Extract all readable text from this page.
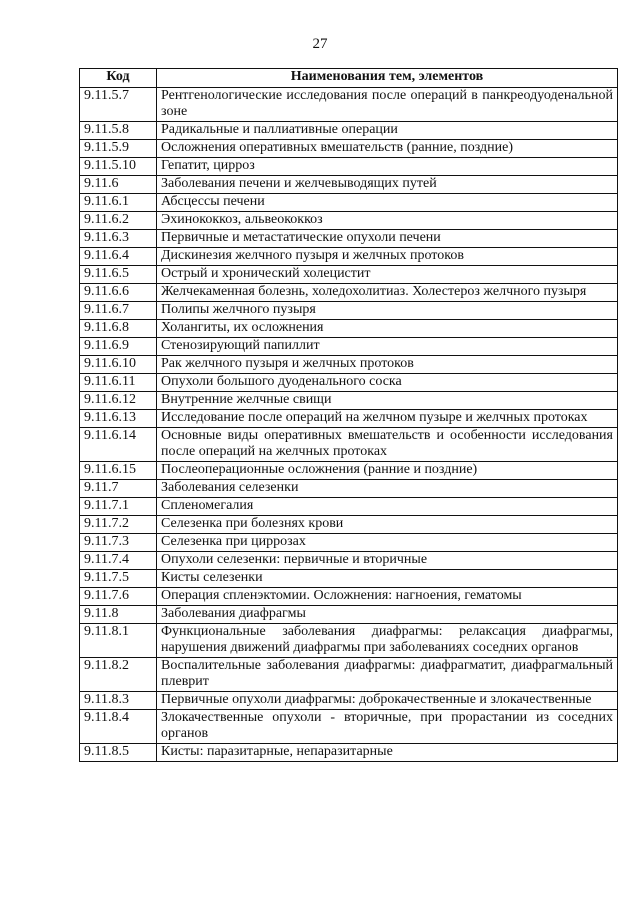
27
Код	Наименования тем, элементов
9.11.5.7	Рентгенологические исследования после операций в панкреодуоденальной зоне
9.11.5.8	Радикальные и паллиативные операции
9.11.5.9	Осложнения оперативных вмешательств (ранние, поздние)
9.11.5.10	Гепатит, цирроз
9.11.6	Заболевания печени и желчевыводящих путей
9.11.6.1	Абсцессы печени
9.11.6.2	Эхинококкоз, альвеококкоз
9.11.6.3	Первичные и метастатические опухоли печени
9.11.6.4	Дискинезия желчного пузыря и желчных протоков
9.11.6.5	Острый и хронический холецистит
9.11.6.6	Желчекаменная болезнь, холедохолитиаз. Холестероз желчного пузыря
9.11.6.7	Полипы желчного пузыря
9.11.6.8	Холангиты, их осложнения
9.11.6.9	Стенозирующий папиллит
9.11.6.10	Рак желчного пузыря и желчных протоков
9.11.6.11	Опухоли большого дуоденального соска
9.11.6.12	Внутренние желчные свищи
9.11.6.13	Исследование после операций на желчном пузыре и желчных протоках
9.11.6.14	Основные виды оперативных вмешательств и особенности исследования после операций на желчных протоках
9.11.6.15	Послеоперационные осложнения (ранние и поздние)
9.11.7	Заболевания селезенки
9.11.7.1	Спленомегалия
9.11.7.2	Селезенка при болезнях крови
9.11.7.3	Селезенка при циррозах
9.11.7.4	Опухоли селезенки: первичные и вторичные
9.11.7.5	Кисты селезенки
9.11.7.6	Операция спленэктомии. Осложнения: нагноения, гематомы
9.11.8	Заболевания диафрагмы
9.11.8.1	Функциональные заболевания диафрагмы: релаксация диафрагмы, нарушения движений диафрагмы при заболеваниях соседних органов
9.11.8.2	Воспалительные заболевания диафрагмы: диафрагматит, диафрагмальный плеврит
9.11.8.3	Первичные опухоли диафрагмы: доброкачественные и злокачественные
9.11.8.4	Злокачественные опухоли - вторичные, при прорастании из соседних органов
9.11.8.5	Кисты: паразитарные, непаразитарные
